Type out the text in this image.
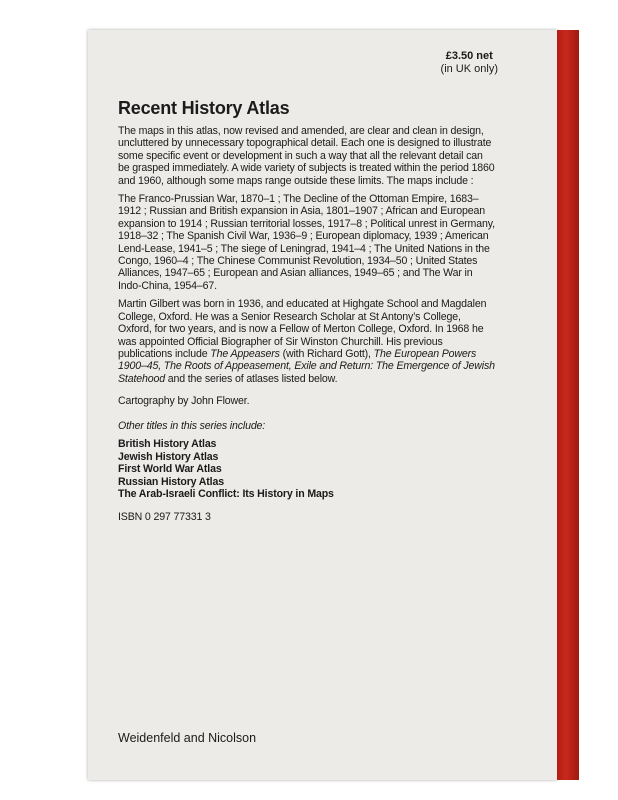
£3.50 net
(in UK only)
Recent History Atlas

The maps in this atlas, now revised and amended, are clear and clean in design, uncluttered by unnecessary topographical detail. Each one is designed to illustrate some specific event or development in such a way that all the relevant detail can be grasped immediately. A wide variety of subjects is treated within the period 1860 and 1960, although some maps range outside these limits. The maps include :

The Franco-Prussian War, 1870–1 ; The Decline of the Ottoman Empire, 1683–1912 ; Russian and British expansion in Asia, 1801–1907 ; African and European expansion to 1914 ; Russian territorial losses, 1917–8 ; Political unrest in Germany, 1918–32 ; The Spanish Civil War, 1936–9 ; European diplomacy, 1939 ; American Lend-Lease, 1941–5 ; The siege of Leningrad, 1941–4 ; The United Nations in the Congo, 1960–4 ; The Chinese Communist Revolution, 1934–50 ; United States Alliances, 1947–65 ; European and Asian alliances, 1949–65 ; and The War in Indo-China, 1954–67.

Martin Gilbert was born in 1936, and educated at Highgate School and Magdalen College, Oxford. He was a Senior Research Scholar at St Antony’s College, Oxford, for two years, and is now a Fellow of Merton College, Oxford. In 1968 he was appointed Official Biographer of Sir Winston Churchill. His previous publications include The Appeasers (with Richard Gott), The European Powers 1900–45, The Roots of Appeasement, Exile and Return: The Emergence of Jewish Statehood and the series of atlases listed below.

Cartography by John Flower.

Other titles in this series include:
British History Atlas
Jewish History Atlas
First World War Atlas
Russian History Atlas
The Arab-Israeli Conflict: Its History in Maps
ISBN 0 297 77331 3
Weidenfeld and Nicolson
